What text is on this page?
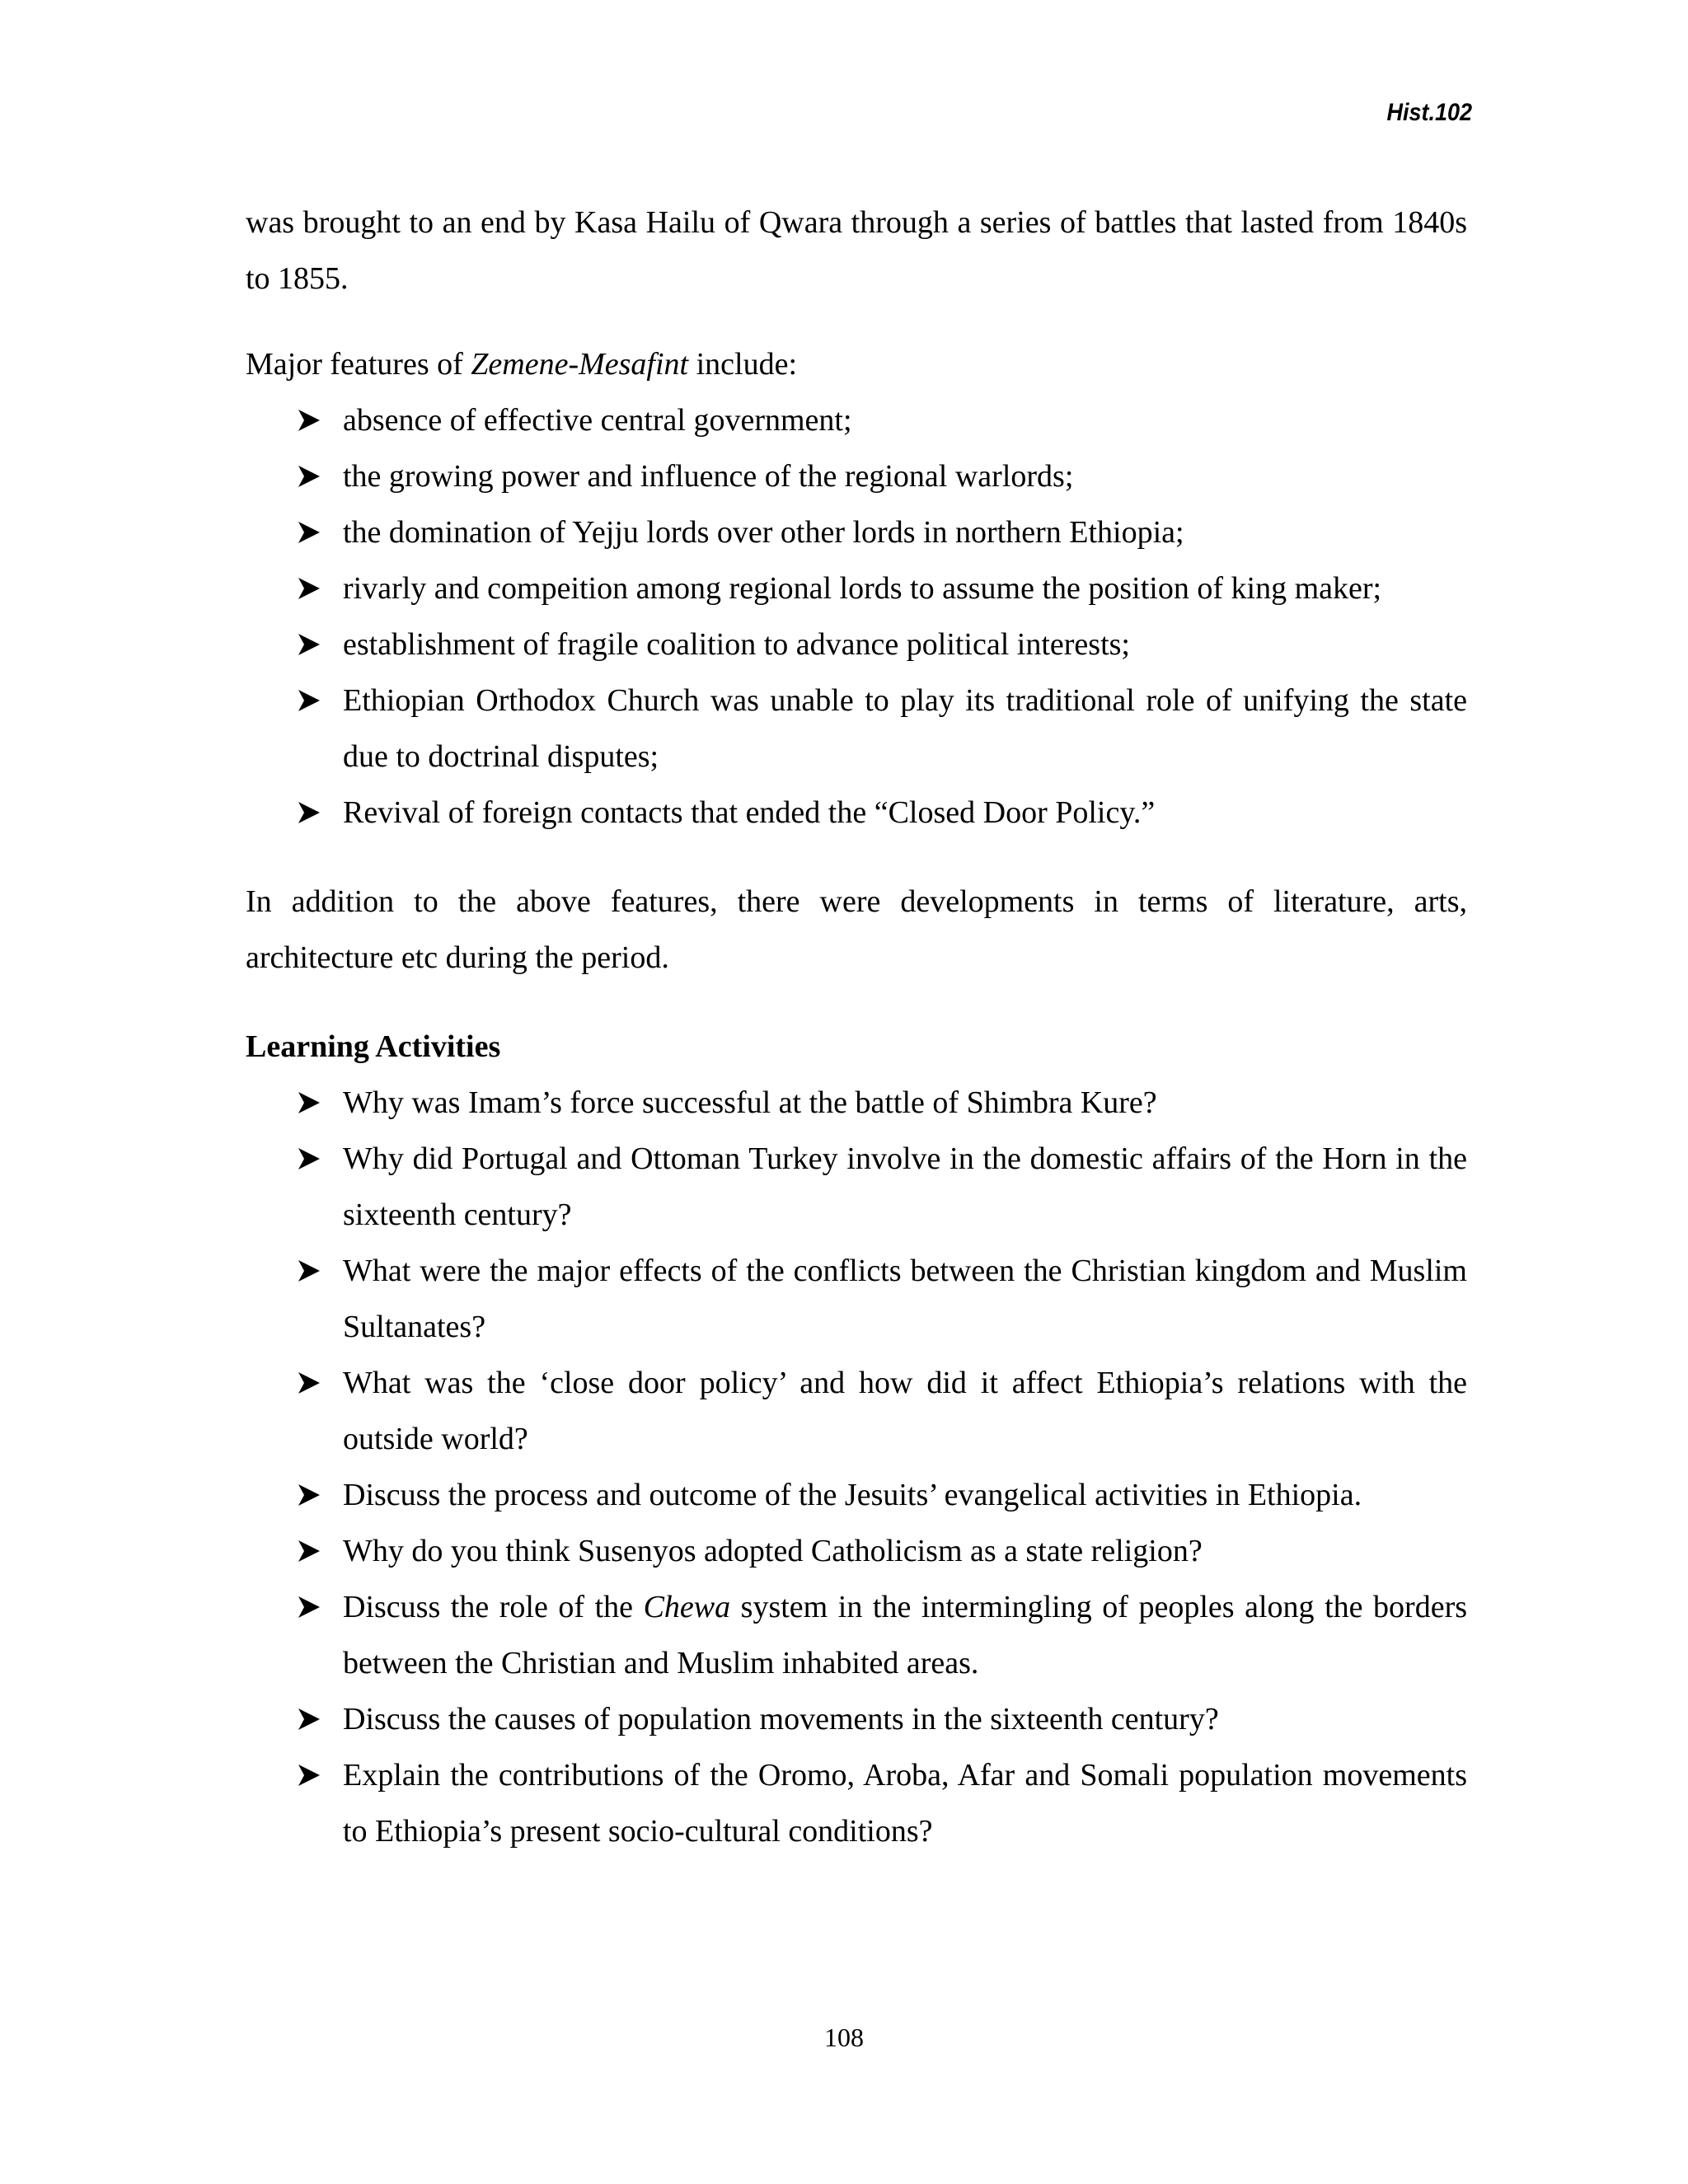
Hist.102

was brought to an end by Kasa Hailu of Qwara through a series of battles that lasted from 1840s to 1855.

Major features of Zemene-Mesafint include:

absence of effective central government;
the growing power and influence of the regional warlords;
the domination of Yejju lords over other lords in northern Ethiopia;
rivarly and compeition among regional lords to assume the position of king maker;
establishment of fragile coalition to advance political interests;
Ethiopian Orthodox Church was unable to play its traditional role of unifying the state due to doctrinal disputes;
Revival of foreign contacts that ended the “Closed Door Policy.”

In addition to the above features, there were developments in terms of literature, arts, architecture etc during the period.

Learning Activities
Why was Imam’s force successful at the battle of Shimbra Kure?
Why did Portugal and Ottoman Turkey involve in the domestic affairs of the Horn in the sixteenth century?
What were the major effects of the conflicts between the Christian kingdom and Muslim Sultanates?
What was the ‘close door policy’ and how did it affect Ethiopia’s relations with the outside world?
Discuss the process and outcome of the Jesuits’ evangelical activities in Ethiopia.
Why do you think Susenyos adopted Catholicism as a state religion?
Discuss the role of the Chewa system in the intermingling of peoples along the borders between the Christian and Muslim inhabited areas.
Discuss the causes of population movements in the sixteenth century?
Explain the contributions of the Oromo, Aroba, Afar and Somali population movements to Ethiopia’s present socio-cultural conditions?
108
